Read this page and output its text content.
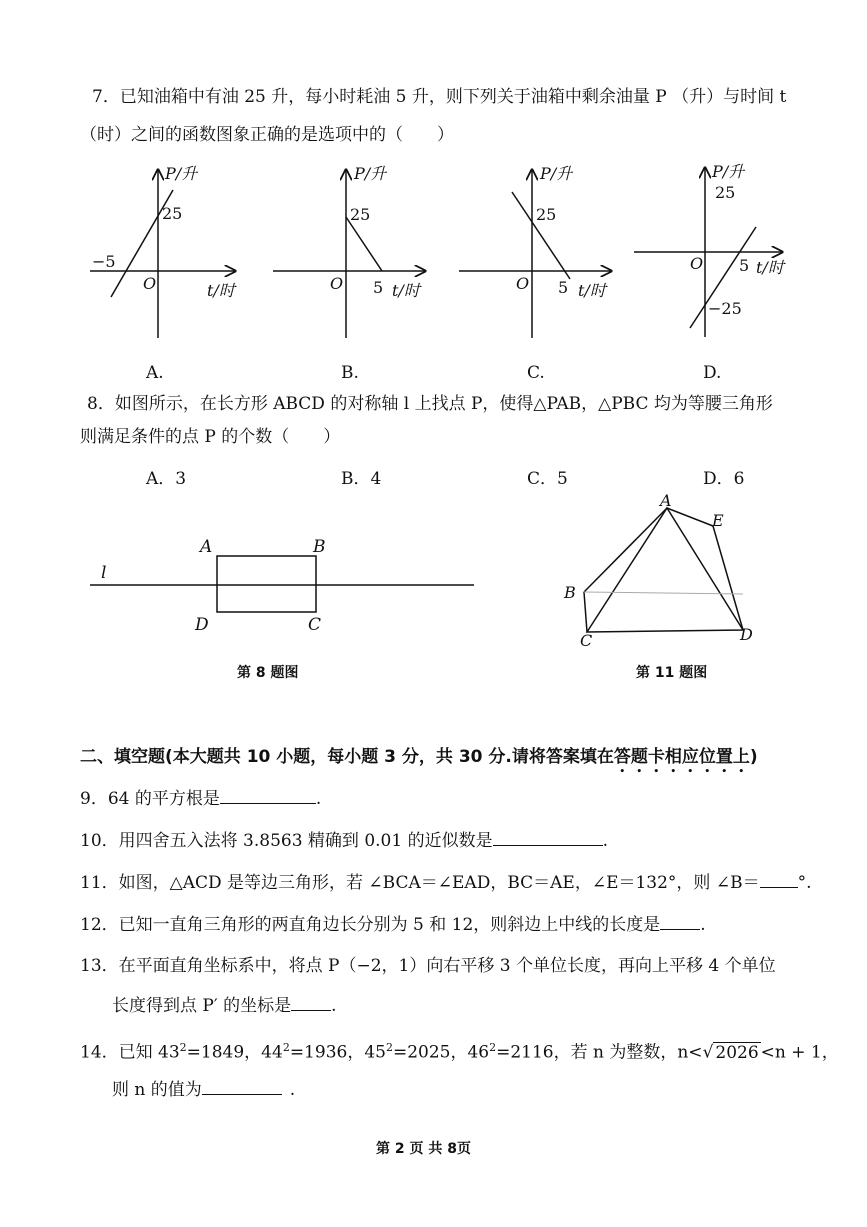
7．已知油箱中有油 25 升，每小时耗油 5 升，则下列关于油箱中剩余油量 P （升）与时间 t
（时）之间的函数图象正确的是选项中的（　　）
P/升
25
−5
O	t/时
P/升
25
O 5 t/时
P/升
25
O 5 t/时
P/升
25
O 5 t/时
−25
A.	B.	C.	D.
8．如图所示，在长方形 ABCD 的对称轴 l 上找点 P，使得△PAB，△PBC 均为等腰三角形
则满足条件的点 P 的个数（　　）
A．3	B．4	C．5	D．6
l
A	B
D	C
第 8 题图
A
E
B
C	D
第 11 题图
二、填空题(本大题共 10 小题，每小题 3 分，共 30 分.请将答案填在答题卡相应位置上)
9．64 的平方根是	.
10．用四舍五入法将 3.8563 精确到 0.01 的近似数是	.
11．如图，△ACD 是等边三角形，若 ∠BCA＝∠EAD，BC＝AE，∠E＝132°，则 ∠B＝ °.
12．已知一直角三角形的两直角边长分别为 5 和 12，则斜边上中线的长度是 .
13．在平面直角坐标系中，将点 P（−2，1）向右平移 3 个单位长度，再向上平移 4 个单位
长度得到点 P′ 的坐标是 .
14．已知 $43^2=1849$，$44^2=1936$，$45^2=2025$，$46^2=2116$，若 n 为整数，n<√ 2026 <n + 1，
则 n 的值为	.
第 2 页 共 8页
